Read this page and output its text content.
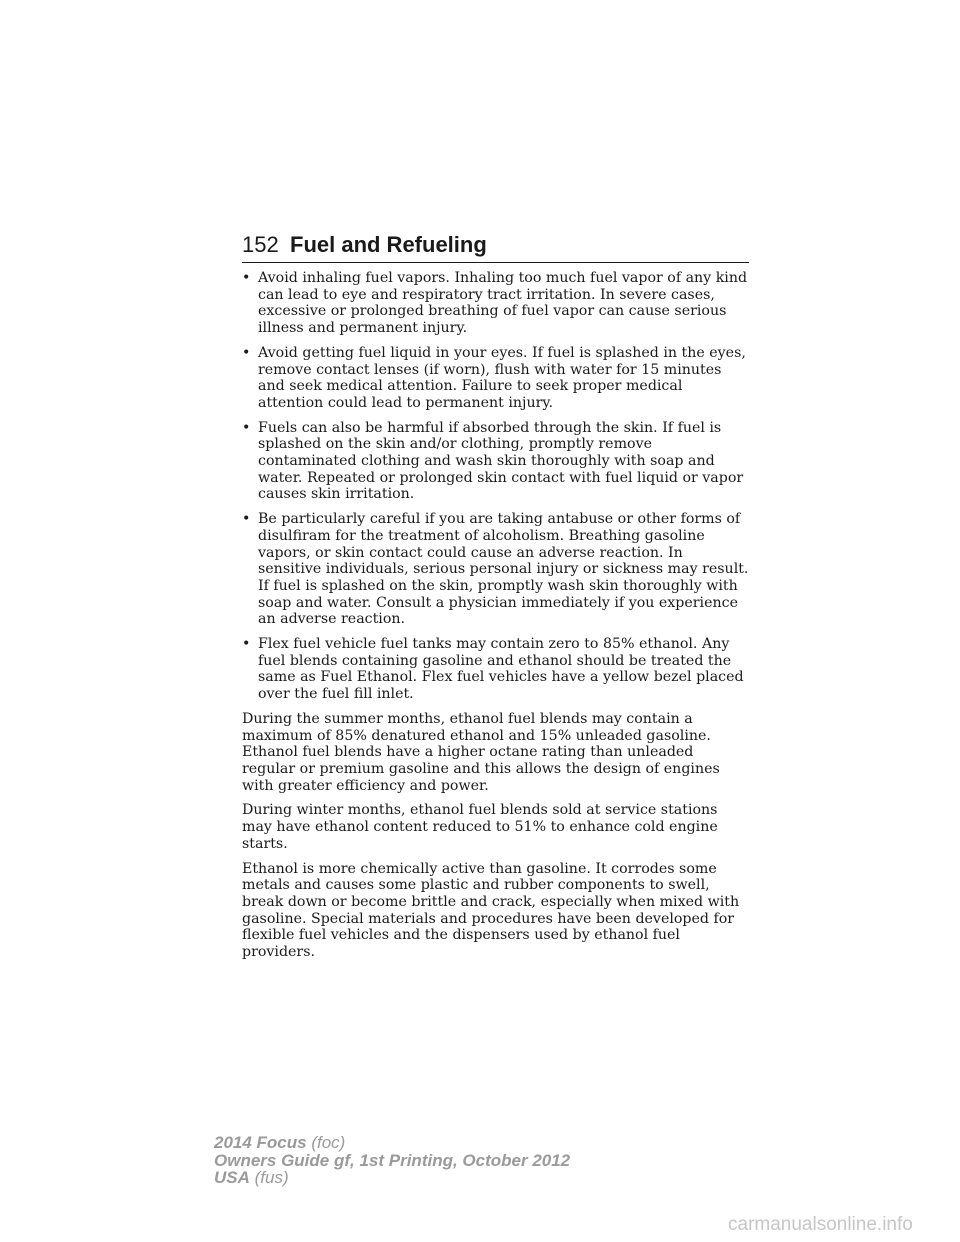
152 Fuel and Refueling
• Avoid inhaling fuel vapors. Inhaling too much fuel vapor of any kind can lead to eye and respiratory tract irritation. In severe cases, excessive or prolonged breathing of fuel vapor can cause serious illness and permanent injury.
• Avoid getting fuel liquid in your eyes. If fuel is splashed in the eyes, remove contact lenses (if worn), flush with water for 15 minutes and seek medical attention. Failure to seek proper medical attention could lead to permanent injury.
• Fuels can also be harmful if absorbed through the skin. If fuel is splashed on the skin and/or clothing, promptly remove contaminated clothing and wash skin thoroughly with soap and water. Repeated or prolonged skin contact with fuel liquid or vapor causes skin irritation.
• Be particularly careful if you are taking antabuse or other forms of disulfiram for the treatment of alcoholism. Breathing gasoline vapors, or skin contact could cause an adverse reaction. In sensitive individuals, serious personal injury or sickness may result. If fuel is splashed on the skin, promptly wash skin thoroughly with soap and water. Consult a physician immediately if you experience an adverse reaction.
• Flex fuel vehicle fuel tanks may contain zero to 85% ethanol. Any fuel blends containing gasoline and ethanol should be treated the same as Fuel Ethanol. Flex fuel vehicles have a yellow bezel placed over the fuel fill inlet.

During the summer months, ethanol fuel blends may contain a maximum of 85% denatured ethanol and 15% unleaded gasoline. Ethanol fuel blends have a higher octane rating than unleaded regular or premium gasoline and this allows the design of engines with greater efficiency and power.

During winter months, ethanol fuel blends sold at service stations may have ethanol content reduced to 51% to enhance cold engine starts.

Ethanol is more chemically active than gasoline. It corrodes some metals and causes some plastic and rubber components to swell, break down or become brittle and crack, especially when mixed with gasoline. Special materials and procedures have been developed for flexible fuel vehicles and the dispensers used by ethanol fuel providers.

2014 Focus (foc)
Owners Guide gf, 1st Printing, October 2012
USA (fus)
carmanualsonline.info
